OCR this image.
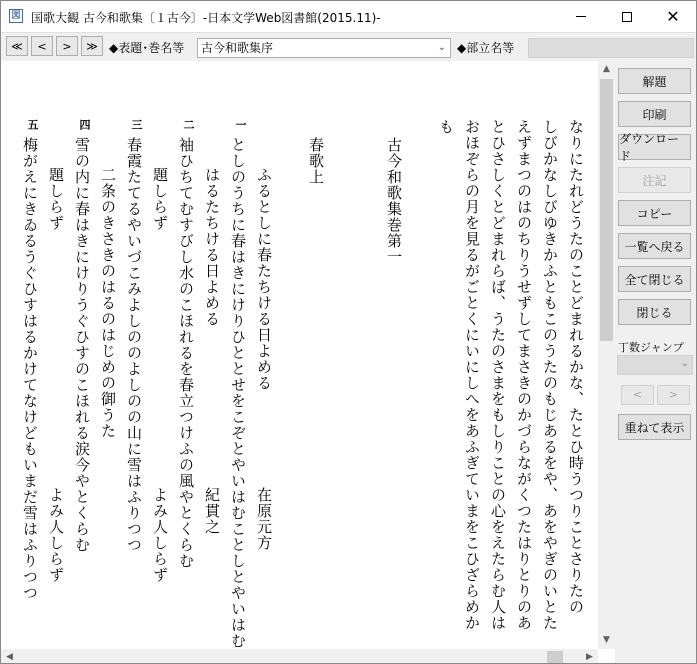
図 国歌大観 古今和歌集〔１古今〕-日本文学Web図書館(2015.11)-	✕
≪	<	>	≫ ◆表題･巻名等	古今和歌集序	⌄ ◆部立名等
なりにたれどうたのことどまれるかな、たとひ時うつりことさりたの
しびかなしびゆきかふともこのうたのもじあるをや、あをやぎのいとた
えずまつのはのちりうせずしてまさきのかづらながくつたはりとりのあ
とひさしくとどまれらば、うたのさまをもしりことの心をえたらむ人は
おほぞらの月を見るがごとくにいにしへをあふぎていまをこひざらめか
も
古今和歌集巻第一
春歌上
ふるとしに春たちける日よめる　　　　　　在原元方
としのうちに春はきにけりひととせをこぞとやいはむことしとやいはむ
はるたちける日よめる　　　　　　　　　　紀貫之
袖ひちてむすびし水のこほれるを春立つけふの風やとくらむ
題しらず　　　　　　　　　　　　　　　　よみ人しらず
春霞たてるやいづこみよしののよしのの山に雪はふりつつ
二条のきさきのはるのはじめの御うた
雪の内に春はきにけりうぐひすのこほれる涙今やとくらむ
題しらず　　　　　　　　　　　　　　　　よみ人しらず
梅がえにきゐるうぐひすはるかけてなけどもいまだ雪はふりつつ
一
二
三
四
五
▲
▼
◀	▶
解題
印刷
ダウンロード
注記
コピー
一覧へ戻る
全て閉じる
閉じる
丁数ジャンプ
⌄
<	>
重ねて表示
